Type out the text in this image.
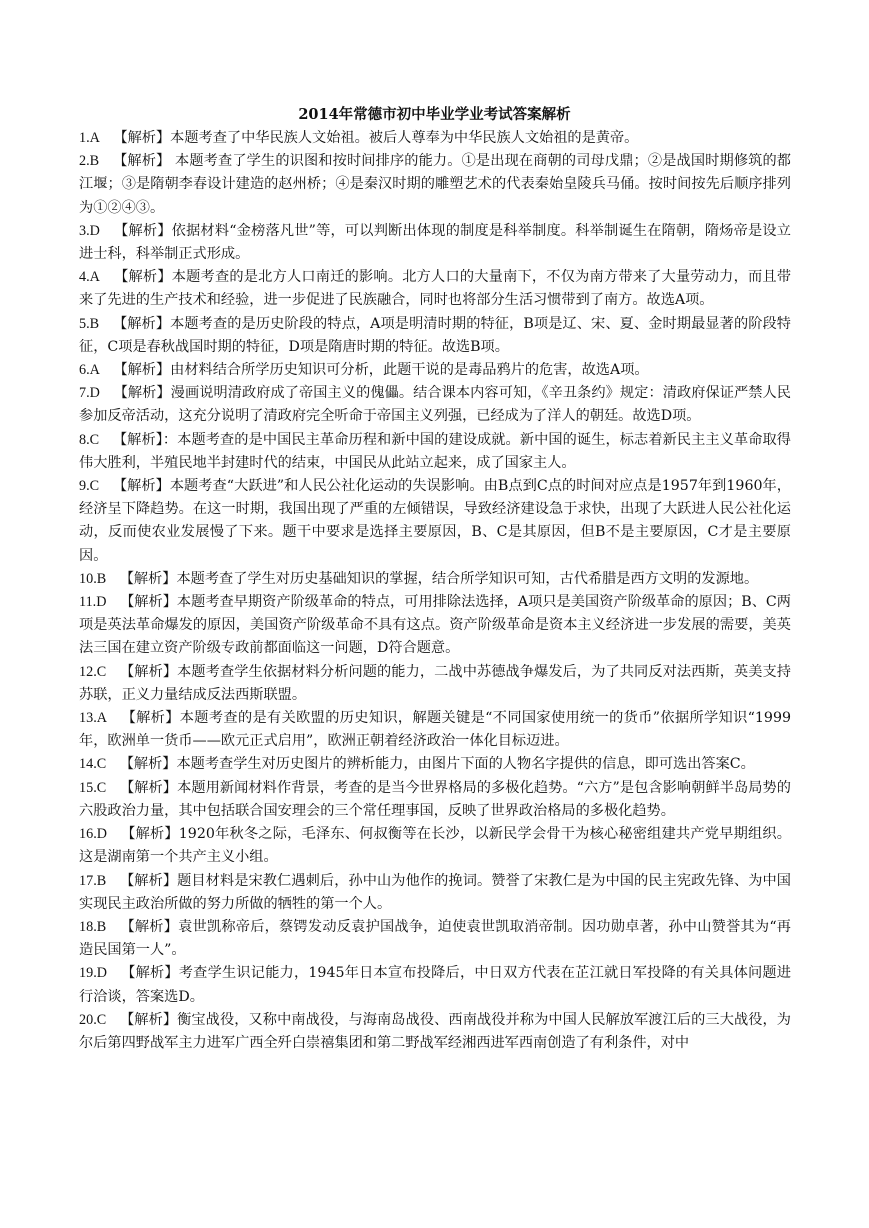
2014年常德市初中毕业学业考试答案解析

1.A 【解析】本题考查了中华民族人文始祖。被后人尊奉为中华民族人文始祖的是黄帝。

2.B 【解析】 本题考查了学生的识图和按时间排序的能力。①是出现在商朝的司母戊鼎；②是战国时期修筑的都江堰；③是隋朝李春设计建造的赵州桥；④是秦汉时期的雕塑艺术的代表秦始皇陵兵马俑。按时间按先后顺序排列为①②④③。

3.D 【解析】依据材料“金榜落凡世”等，可以判断出体现的制度是科举制度。科举制诞生在隋朝，隋炀帝是设立进士科，科举制正式形成。

4.A 【解析】本题考查的是北方人口南迁的影响。北方人口的大量南下，不仅为南方带来了大量劳动力，而且带来了先进的生产技术和经验，进一步促进了民族融合，同时也将部分生活习惯带到了南方。故选A项。

5.B 【解析】本题考查的是历史阶段的特点，A项是明清时期的特征，B项是辽、宋、夏、金时期最显著的阶段特征，C项是春秋战国时期的特征，D项是隋唐时期的特征。故选B项。

6.A 【解析】由材料结合所学历史知识可分析，此题干说的是毒品鸦片的危害，故选A项。

7.D 【解析】漫画说明清政府成了帝国主义的傀儡。结合课本内容可知，《辛丑条约》规定：清政府保证严禁人民参加反帝活动，这充分说明了清政府完全听命于帝国主义列强，已经成为了洋人的朝廷。故选D项。

8.C 【解析】：本题考查的是中国民主革命历程和新中国的建设成就。新中国的诞生，标志着新民主主义革命取得伟大胜利，半殖民地半封建时代的结束，中国民从此站立起来，成了国家主人。

9.C 【解析】本题考查“大跃进”和人民公社化运动的失误影响。由B点到C点的时间对应点是1957年到1960年，经济呈下降趋势。在这一时期，我国出现了严重的左倾错误，导致经济建设急于求快，出现了大跃进人民公社化运动，反而使农业发展慢了下来。题干中要求是选择主要原因，B、C是其原因，但B不是主要原因，C才是主要原因。

10.B 【解析】本题考查了学生对历史基础知识的掌握，结合所学知识可知，古代希腊是西方文明的发源地。

11.D 【解析】本题考查早期资产阶级革命的特点，可用排除法选择，A项只是美国资产阶级革命的原因；B、C两项是英法革命爆发的原因，美国资产阶级革命不具有这点。资产阶级革命是资本主义经济进一步发展的需要，美英法三国在建立资产阶级专政前都面临这一问题，D符合题意。

12.C 【解析】本题考查学生依据材料分析问题的能力，二战中苏德战争爆发后，为了共同反对法西斯，英美支持苏联，正义力量结成反法西斯联盟。

13.A 【解析】本题考查的是有关欧盟的历史知识，解题关键是“不同国家使用统一的货币”依据所学知识“1999年，欧洲单一货币——欧元正式启用”，欧洲正朝着经济政治一体化目标迈进。

14.C 【解析】本题考查学生对历史图片的辨析能力，由图片下面的人物名字提供的信息，即可选出答案C。

15.C 【解析】本题用新闻材料作背景，考查的是当今世界格局的多极化趋势。“六方”是包含影响朝鲜半岛局势的六股政治力量，其中包括联合国安理会的三个常任理事国，反映了世界政治格局的多极化趋势。

16.D 【解析】1920年秋冬之际，毛泽东、何叔衡等在长沙，以新民学会骨干为核心秘密组建共产党早期组织。这是湖南第一个共产主义小组。

17.B 【解析】题目材料是宋教仁遇刺后，孙中山为他作的挽词。赞誉了宋教仁是为中国的民主宪政先锋、为中国实现民主政治所做的努力所做的牺牲的第一个人。

18.B 【解析】袁世凯称帝后，蔡锷发动反袁护国战争，迫使袁世凯取消帝制。因功勋卓著，孙中山赞誉其为“再造民国第一人”。

19.D 【解析】考查学生识记能力，1945年日本宣布投降后，中日双方代表在芷江就日军投降的有关具体问题进行洽谈，答案选D。

20.C 【解析】衡宝战役，又称中南战役，与海南岛战役、西南战役并称为中国人民解放军渡江后的三大战役，为尔后第四野战军主力进军广西全歼白崇禧集团和第二野战军经湘西进军西南创造了有利条件，对中
